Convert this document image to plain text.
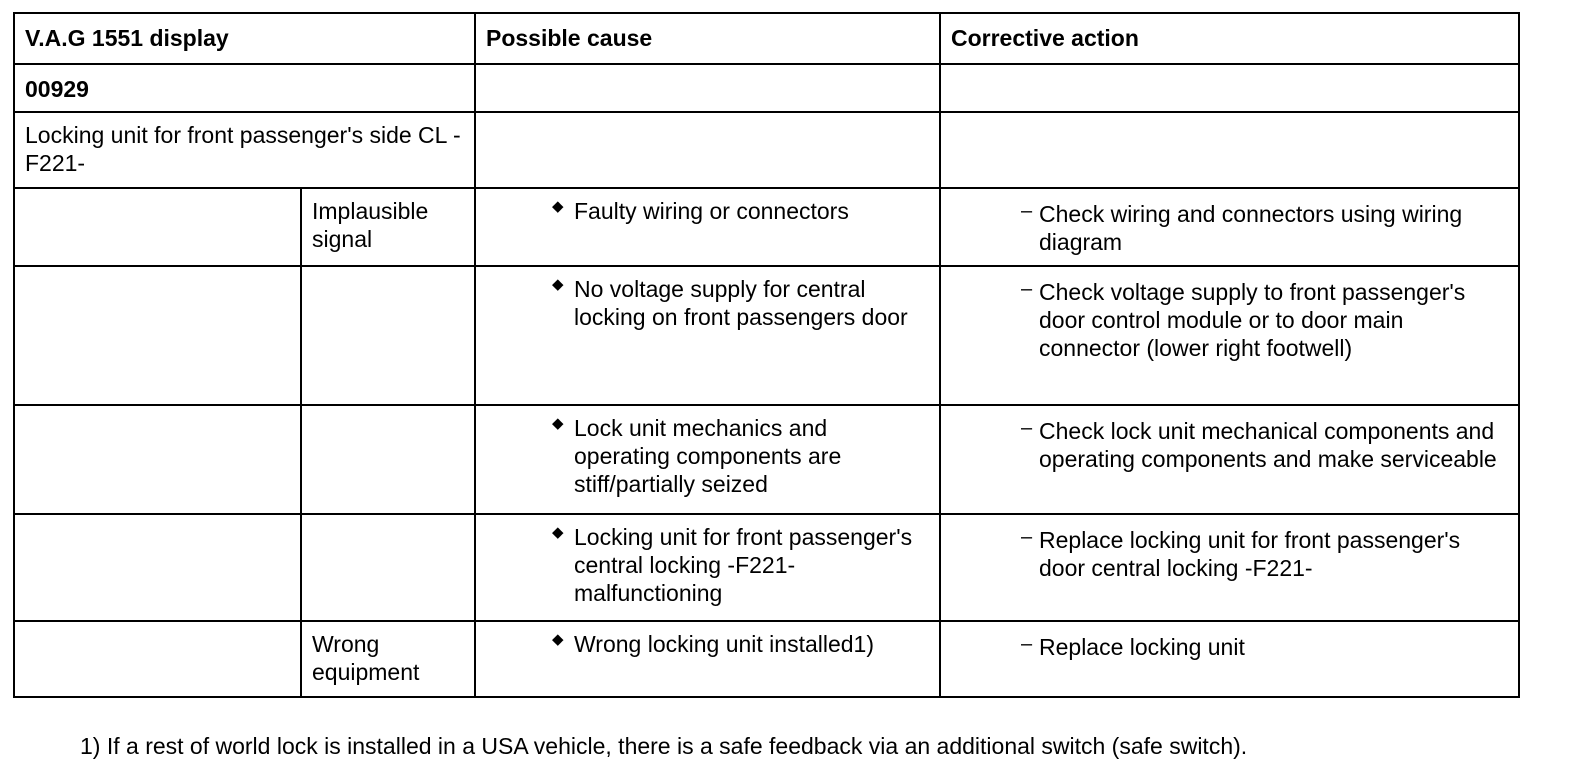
V.A.G 1551 display		Possible cause	Corrective action
00929			
Locking unit for front passenger's side CL -F221-			
	Implausible signal	◆ Faulty wiring or connectors	– Check wiring and connectors using wiring diagram

		◆ No voltage supply for central locking on front passengers door	– Check voltage supply to front passenger's door control module or to door main connector (lower right footwell)

		◆ Lock unit mechanics and operating components are stiff/partially seized	– Check lock unit mechanical components and operating components and make serviceable

		◆ Locking unit for front passenger's central locking -F221- malfunctioning	– Replace locking unit for front passenger's door central locking -F221-

	Wrong equipment	◆ Wrong locking unit installed1)	– Replace locking unit
1) If a rest of world lock is installed in a USA vehicle, there is a safe feedback via an additional switch (safe switch).
